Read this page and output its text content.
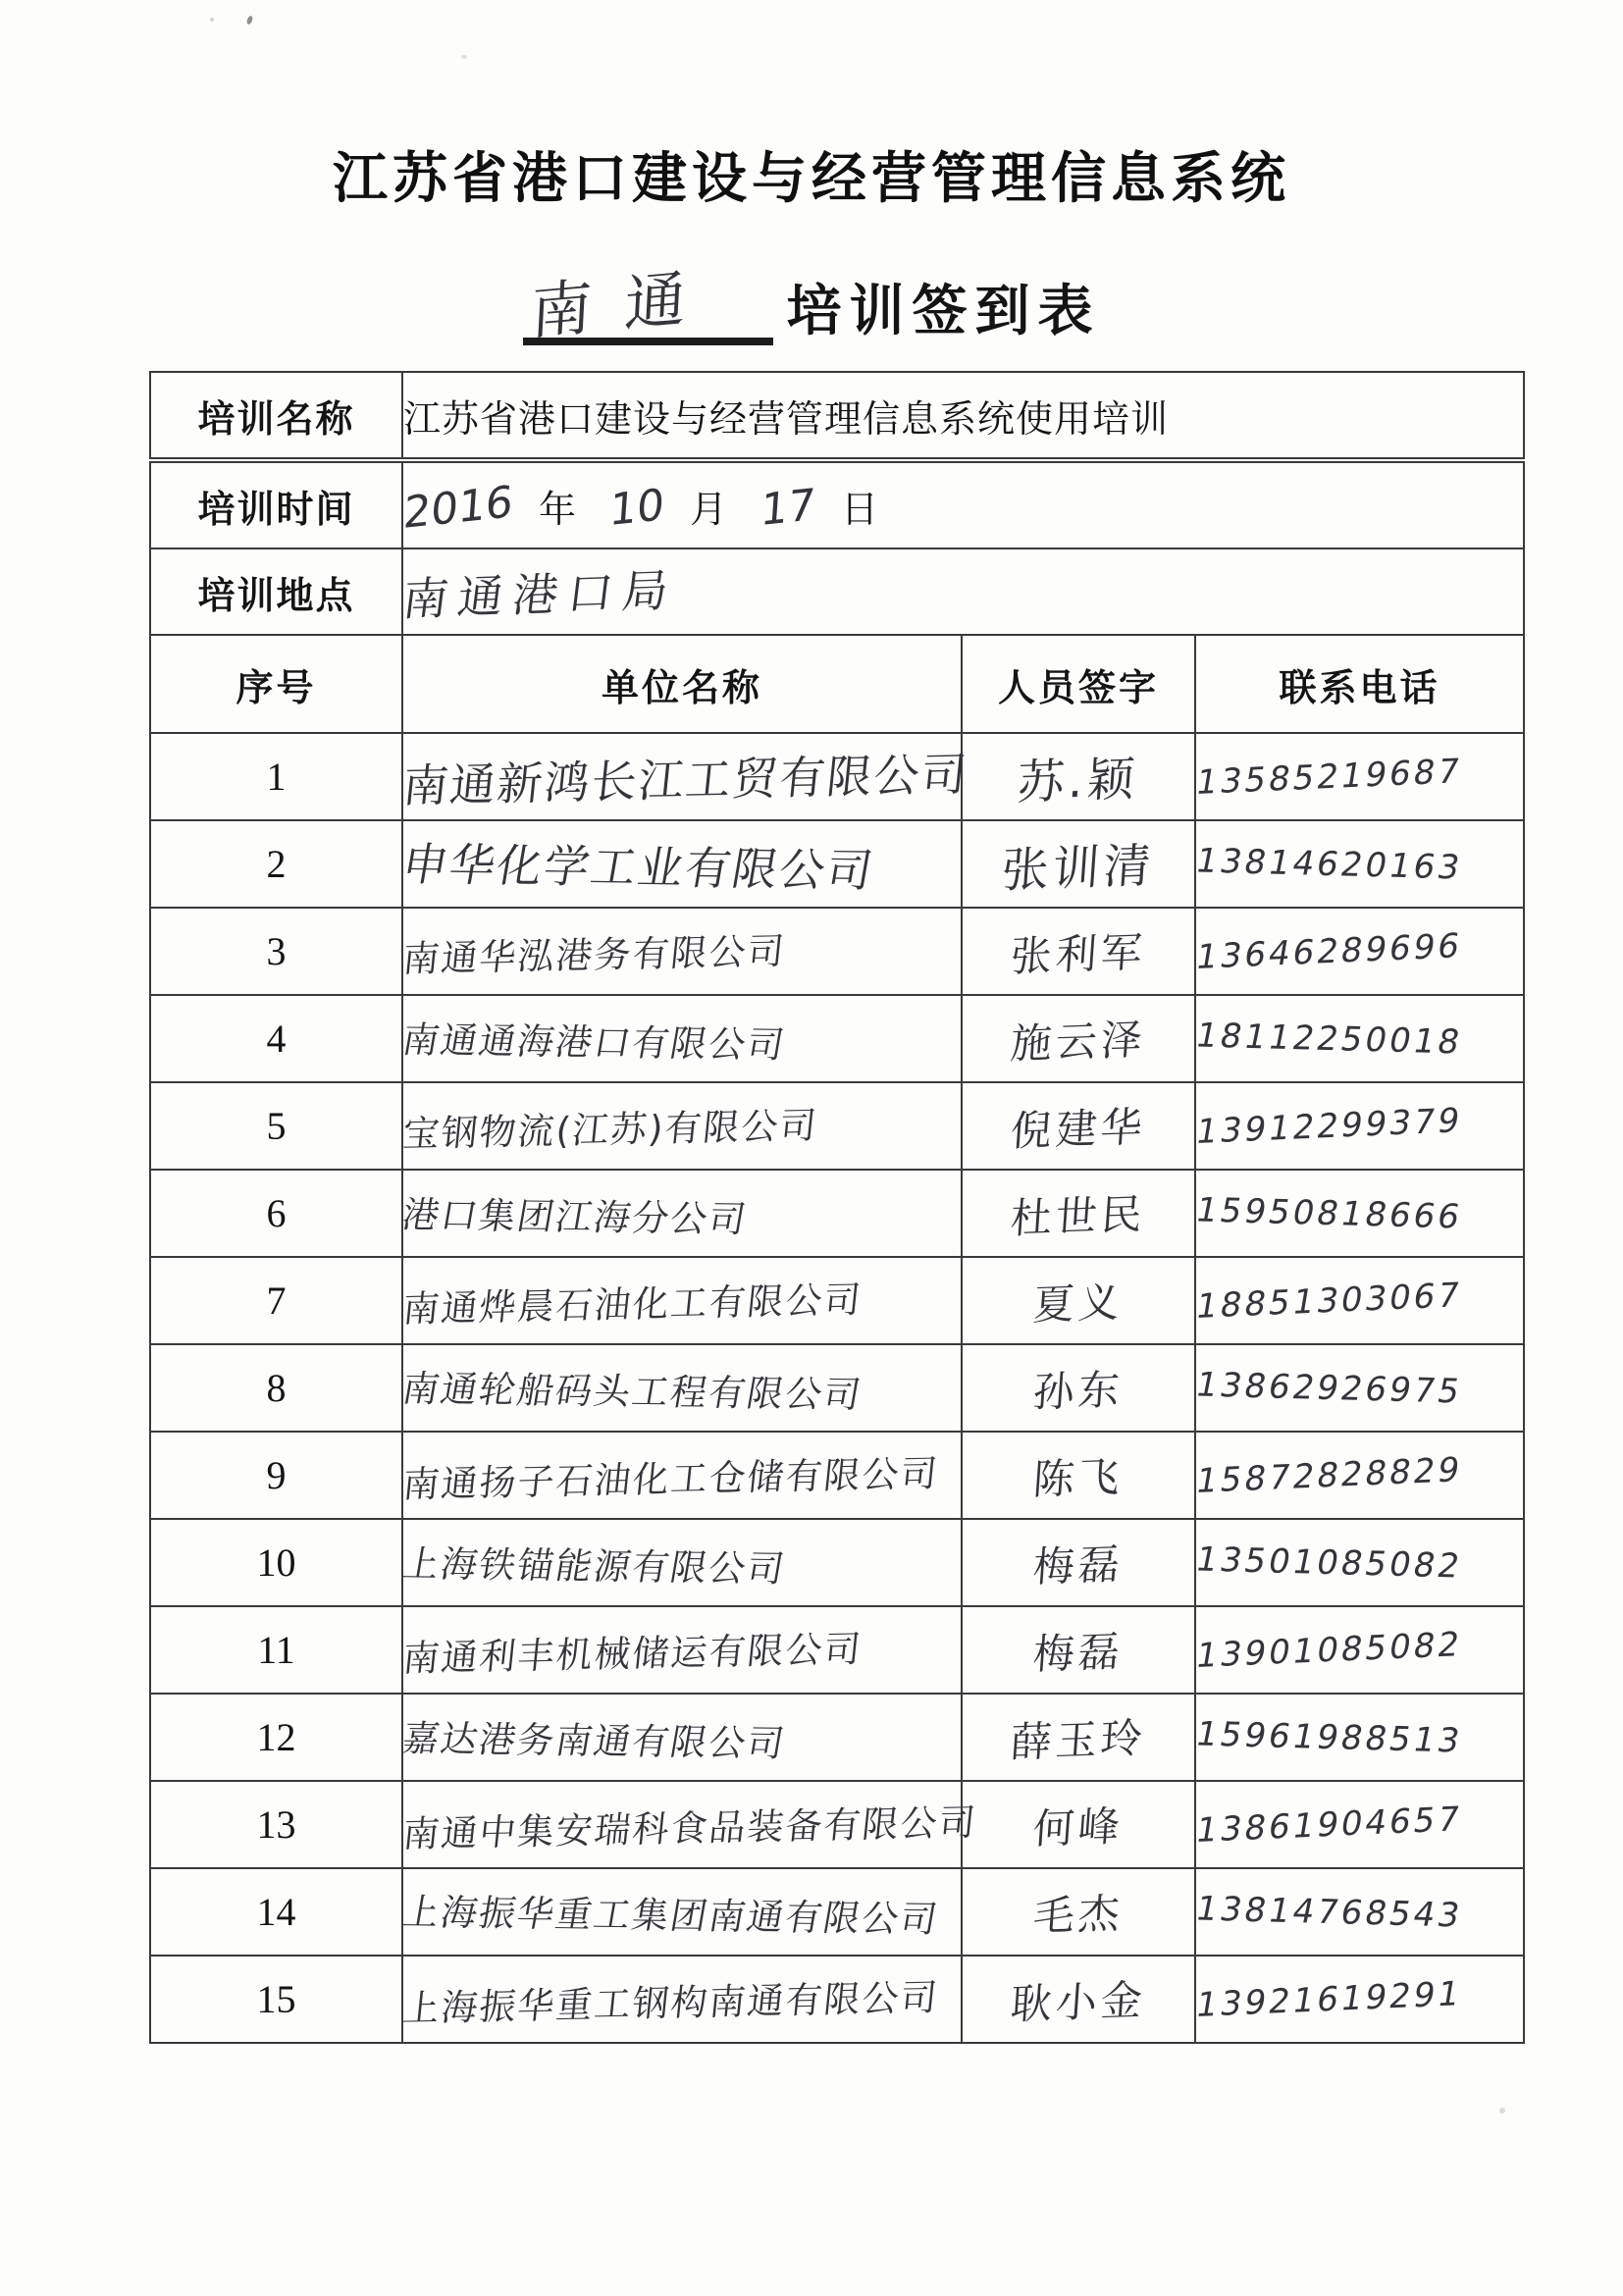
江苏省港口建设与经营管理信息系统
南通 培训签到表
培训名称	江苏省港口建设与经营管理信息系统使用培训		
培训时间	2016 年 10 月 17 日		
培训地点	南通港口局		
序号	单位名称	人员签字	联系电话
1	南通新鸿长江工贸有限公司	苏.颖	13585219687
2	申华化学工业有限公司	张训清	13814620163
3	南通华泓港务有限公司	张利军	13646289696
4	南通通海港口有限公司	施云泽	18112250018
5	宝钢物流(江苏)有限公司	倪建华	13912299379
6	港口集团江海分公司	杜世民	15950818666
7	南通烨晨石油化工有限公司	夏义	18851303067
8	南通轮船码头工程有限公司	孙东	13862926975
9	南通扬子石油化工仓储有限公司	陈飞	15872828829
10	上海铁锚能源有限公司	梅磊	13501085082
11	南通利丰机械储运有限公司	梅磊	13901085082
12	嘉达港务南通有限公司	薛玉玲	15961988513
13	南通中集安瑞科食品装备有限公司	何峰	13861904657
14	上海振华重工集团南通有限公司	毛杰	13814768543
15	上海振华重工钢构南通有限公司	耿小金	13921619291
